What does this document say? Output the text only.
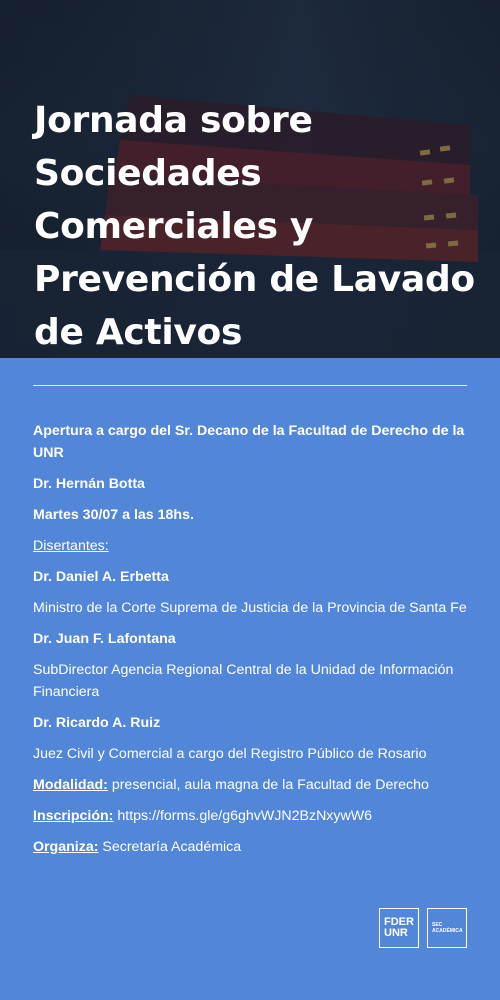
Jornada sobre Sociedades Comerciales y Prevención de Lavado de Activos

Apertura a cargo del Sr. Decano de la Facultad de Derecho de la UNR

Dr. Hernán Botta

Martes 30/07 a las 18hs.

Disertantes:

Dr. Daniel A. Erbetta

Ministro de la Corte Suprema de Justicia de la Provincia de Santa Fe

Dr. Juan F. Lafontana

SubDirector Agencia Regional Central de la Unidad de Información Financiera

Dr. Ricardo A. Ruiz

Juez Civil y Comercial a cargo del Registro Público de Rosario

Modalidad: presencial, aula magna de la Facultad de Derecho

Inscripción: https://forms.gle/g6ghvWJN2BzNxywW6

Organiza: Secretaría Académica

FDER
UNR
SEC
ACADÉMICA
